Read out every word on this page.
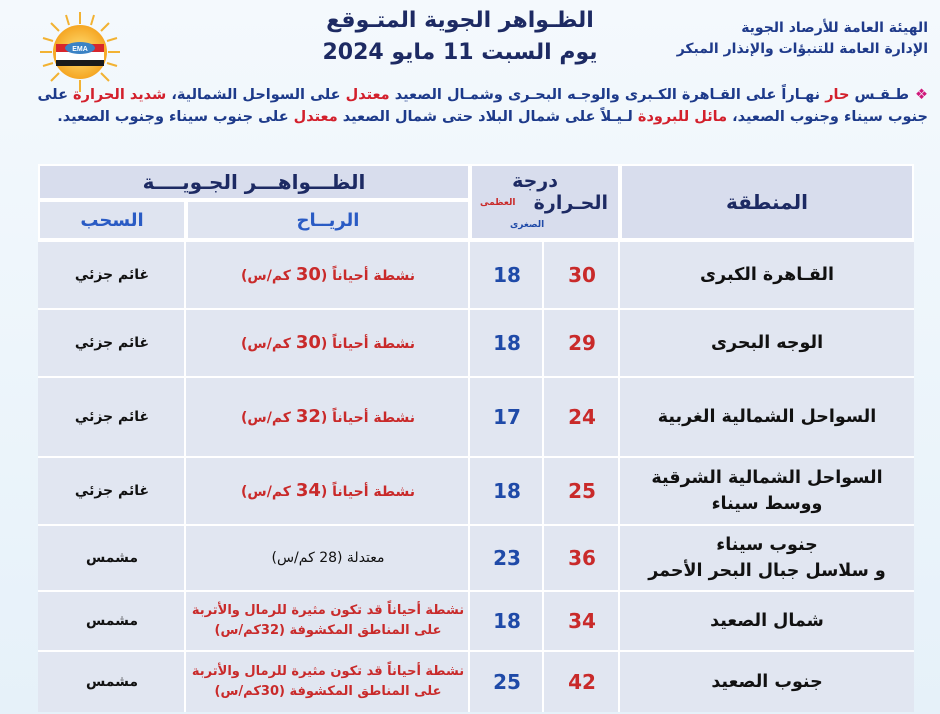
الهيئة العامة للأرصاد الجوية
الإدارة العامة للتنبؤات والإنذار المبكر
الظـواهر الجوية المتـوقع
يوم السبت 11 مايو 2024
EMA
❖طـقـس حار نهـاراً على القـاهرة الكـبرى والوجـه البحـرى وشمـال الصعيد معتدل على السواحل الشمالية، شديد الحرارة على جنوب سيناء وجنوب الصعيد، مائل للبرودة لـيـلاً على شمال البلاد حتى شمال الصعيد معتدل على جنوب سيناء وجنوب الصعيد.
المنطقة
درجة
الحـرارة
العظمى
الصغرى
الظـــواهـــر الجـويــــة
الريــاح
السحب
القـاهرة الكبرى
30
18
نشطة أحياناً (30 كم/س)
غائم جزئي
الوجه البحرى
29
18
نشطة أحياناً (30 كم/س)
غائم جزئي
السواحل الشمالية الغربية
24
17
نشطة أحياناً (32 كم/س)
غائم جزئي
السواحل الشمالية الشرقية
ووسط سيناء
25
18
نشطة أحياناً (34 كم/س)
غائم جزئي
جنوب سيناء
و سلاسل جبال البحر الأحمر
36
23
معتدلة (28 كم/س)
مشمس
شمال الصعيد
34
18
نشطة أحياناً قد تكون مثيرة للرمال والأتربة
على المناطق المكشوفة (32كم/س)
مشمس
جنوب الصعيد
42
25
نشطة أحياناً قد تكون مثيرة للرمال والأتربة
على المناطق المكشوفة (30كم/س)
مشمس
